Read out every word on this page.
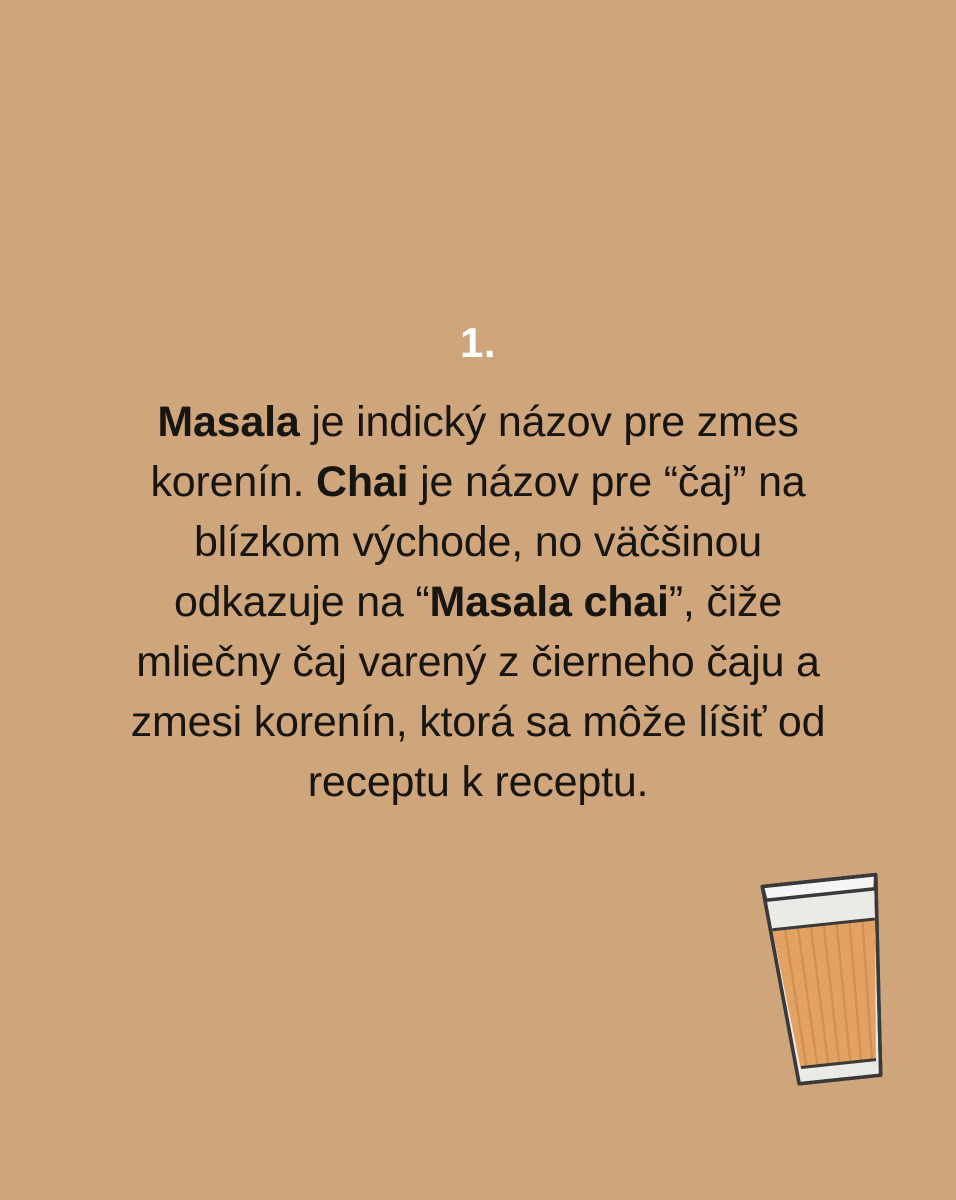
1.
Masala je indický názov pre zmes korenín. Chai je názov pre “čaj” na blízkom východe, no väčšinou odkazuje na “Masala chai”, čiže mliečny čaj varený z čierneho čaju a zmesi korenín, ktorá sa môže líšiť od receptu k receptu.
